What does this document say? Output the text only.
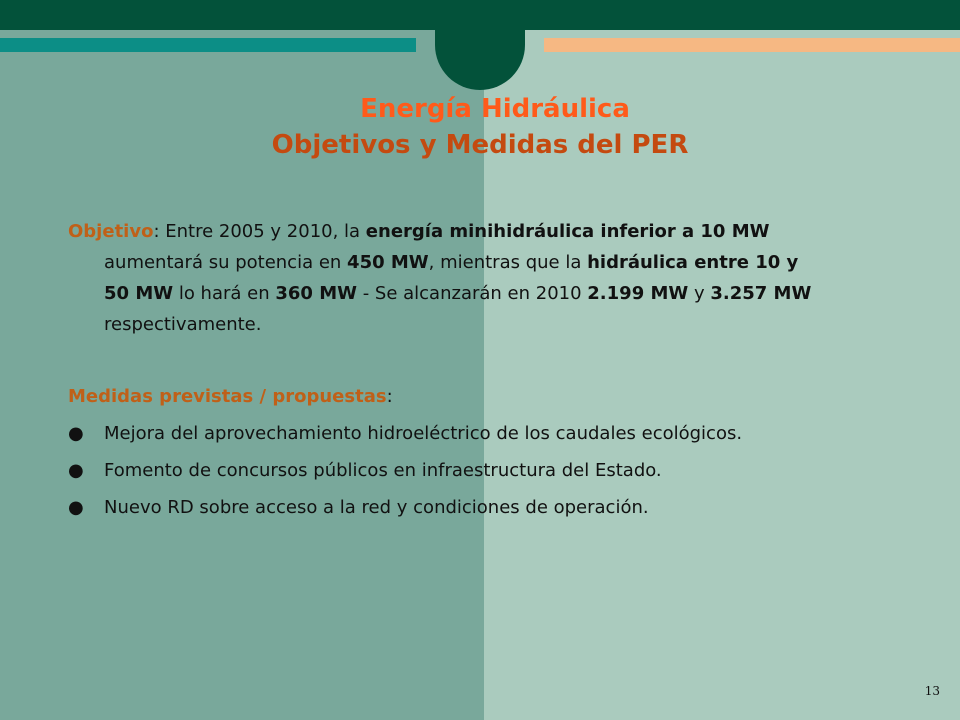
Energía Hidráulica
Objetivos y Medidas del PER
Objetivo: Entre 2005 y 2010, la energía minihidráulica inferior a 10 MW
aumentará su potencia en 450 MW, mientras que la hidráulica entre 10 y
50 MW lo hará en 360 MW - Se alcanzarán en 2010 2.199 MW y 3.257 MW
respectivamente.
Medidas previstas / propuestas:
● Mejora del aprovechamiento hidroeléctrico de los caudales ecológicos.
● Fomento de concursos públicos en infraestructura del Estado.
● Nuevo RD sobre acceso a la red y condiciones de operación.
13
